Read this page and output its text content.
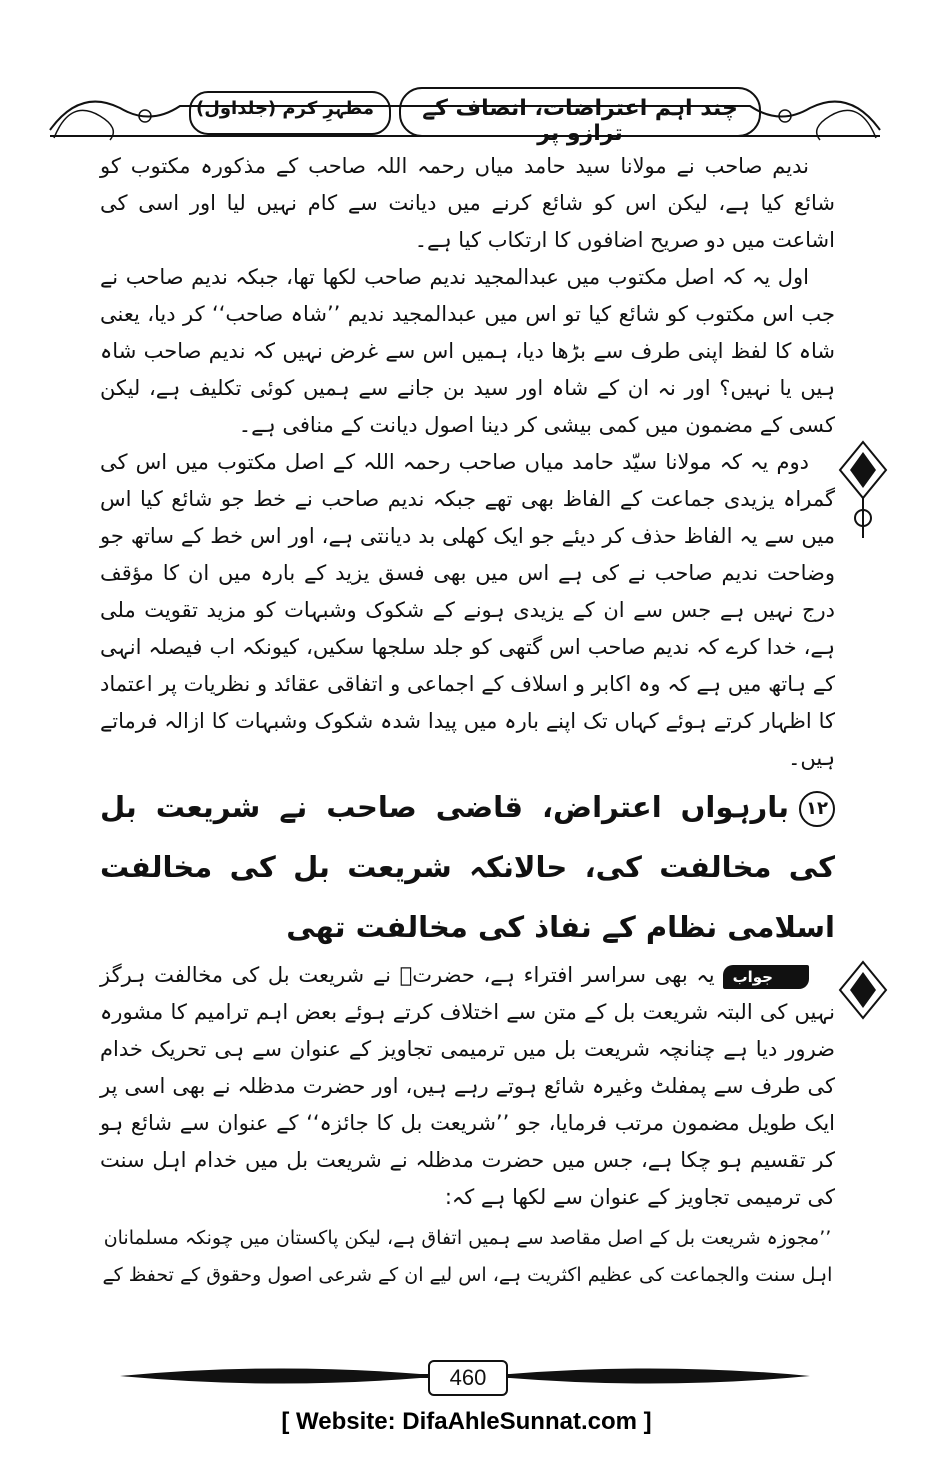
چند اہم اعتراضات، انصاف کے ترازو پر
مظہرِ کرم (جلداول)

ندیم صاحب نے مولانا سید حامد میاں رحمہ اللہ صاحب کے مذکورہ مکتوب کو شائع کیا ہے، لیکن اس کو شائع کرنے میں دیانت سے کام نہیں لیا اور اسی کی اشاعت میں دو صریح اضافوں کا ارتکاب کیا ہے۔

اول یہ کہ اصل مکتوب میں عبدالمجید ندیم صاحب لکھا تھا، جبکہ ندیم صاحب نے جب اس مکتوب کو شائع کیا تو اس میں عبدالمجید ندیم ’’شاہ صاحب‘‘ کر دیا، یعنی شاہ کا لفظ اپنی طرف سے بڑھا دیا، ہمیں اس سے غرض نہیں کہ ندیم صاحب شاہ ہیں یا نہیں؟ اور نہ ان کے شاہ اور سید بن جانے سے ہمیں کوئی تکلیف ہے، لیکن کسی کے مضمون میں کمی بیشی کر دینا اصول دیانت کے منافی ہے۔

دوم یہ کہ مولانا سیّد حامد میاں صاحب رحمہ اللہ کے اصل مکتوب میں اس کی گمراہ یزیدی جماعت کے الفاظ بھی تھے جبکہ ندیم صاحب نے خط جو شائع کیا اس میں سے یہ الفاظ حذف کر دیئے جو ایک کھلی بد دیانتی ہے، اور اس خط کے ساتھ جو وضاحت ندیم صاحب نے کی ہے اس میں بھی فسق یزید کے بارہ میں ان کا مؤقف درج نہیں ہے جس سے ان کے یزیدی ہونے کے شکوک وشبہات کو مزید تقویت ملی ہے، خدا کرے کہ ندیم صاحب اس گتھی کو جلد سلجھا سکیں، کیونکہ اب فیصلہ انہی کے ہاتھ میں ہے کہ وہ اکابر و اسلاف کے اجماعی و اتفاقی عقائد و نظریات پر اعتماد کا اظہار کرتے ہوئے کہاں تک اپنے بارہ میں پیدا شدہ شکوک وشبہات کا ازالہ فرماتے ہیں۔

۱۲بارہواں اعتراض، قاضی صاحب نے شریعت بل کی مخالفت کی، حالانکہ شریعت بل کی مخالفت اسلامی نظام کے نفاذ کی مخالفت تھی

جوابیہ بھی سراسر افتراء ہے، حضرتؒ نے شریعت بل کی مخالفت ہرگز نہیں کی البتہ شریعت بل کے متن سے اختلاف کرتے ہوئے بعض اہم ترامیم کا مشورہ ضرور دیا ہے چنانچہ شریعت بل میں ترمیمی تجاویز کے عنوان سے ہی تحریک خدام کی طرف سے پمفلٹ وغیرہ شائع ہوتے رہے ہیں، اور حضرت مدظلہ نے بھی اسی پر ایک طویل مضمون مرتب فرمایا، جو ’’شریعت بل کا جائزہ‘‘ کے عنوان سے شائع ہو کر تقسیم ہو چکا ہے، جس میں حضرت مدظلہ نے شریعت بل میں خدام اہل سنت کی ترمیمی تجاویز کے عنوان سے لکھا ہے کہ:

’’مجوزہ شریعت بل کے اصل مقاصد سے ہمیں اتفاق ہے، لیکن پاکستان میں چونکہ مسلمانان اہل سنت والجماعت کی عظیم اکثریت ہے، اس لیے ان کے شرعی اصول وحقوق کے تحفظ کے

460
[ Website: DifaAhleSunnat.com ]
